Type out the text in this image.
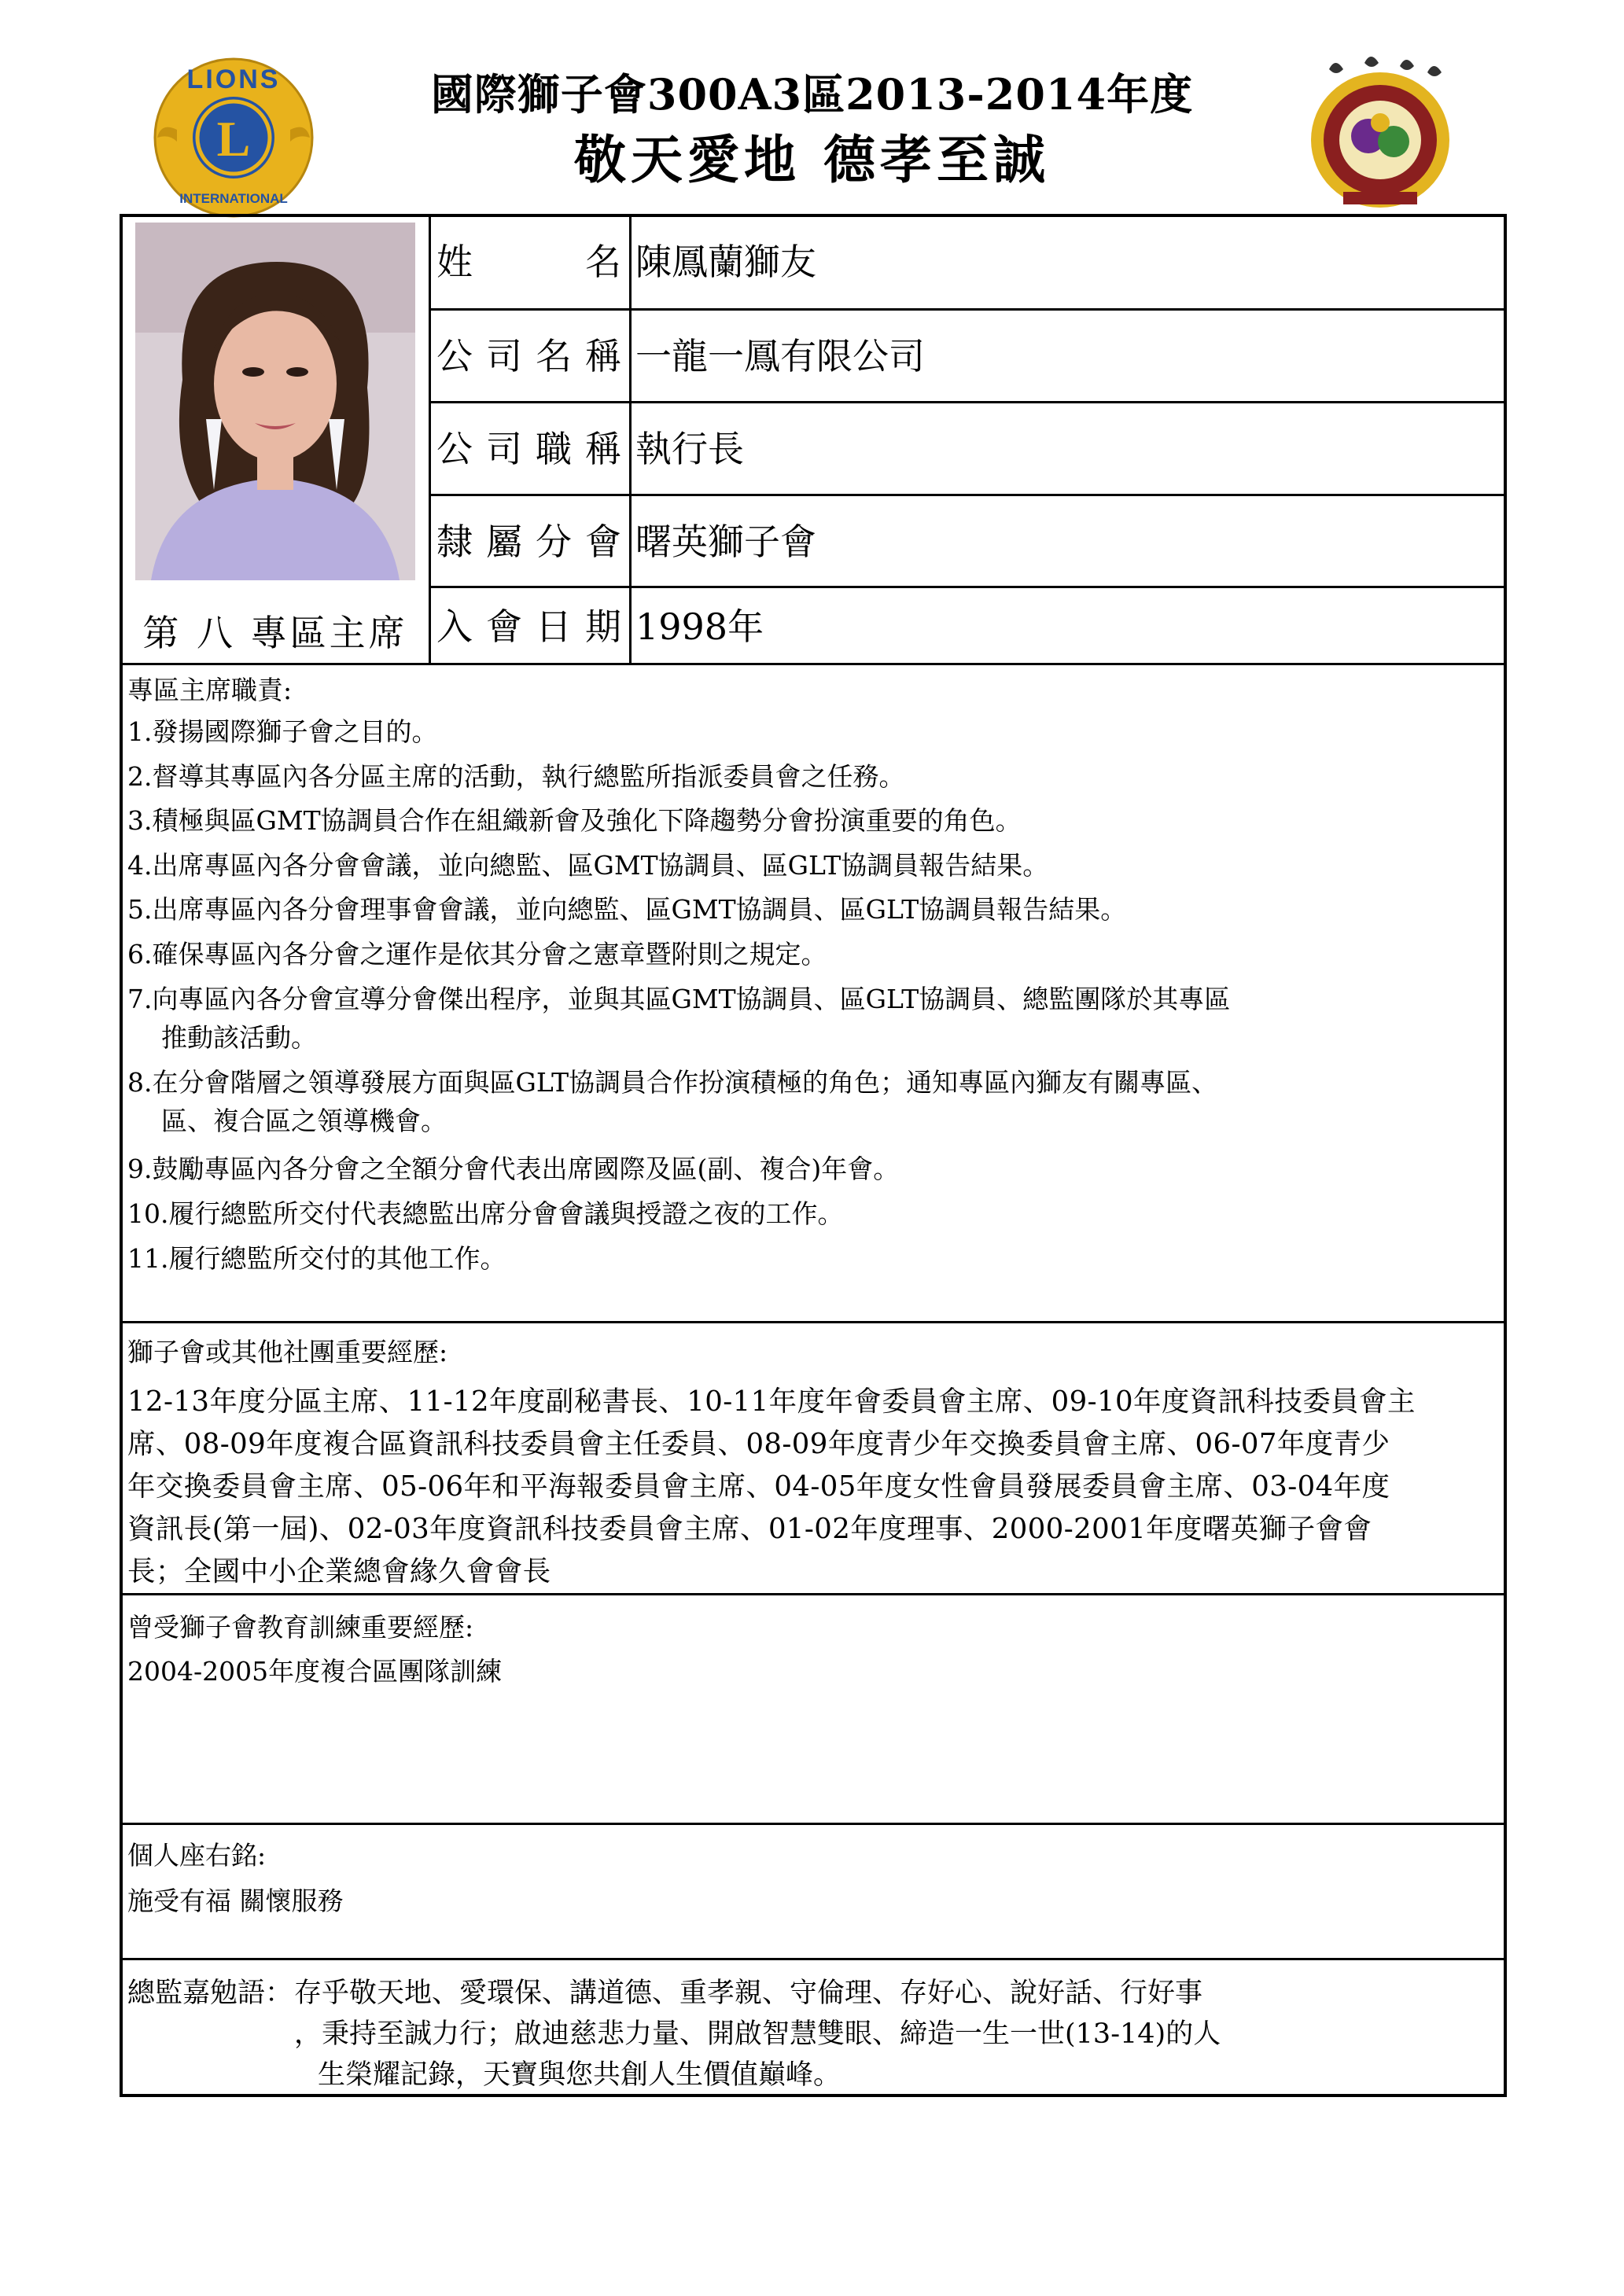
L
LIONS
INTERNATIONAL
國際獅子會300A3區2013-2014年度
敬天愛地 德孝至誠
第 八 專區主席
姓名 陳鳳蘭獅友
公司名稱 一龍一鳳有限公司
公司職稱 執行長
隸屬分會 曙英獅子會
入會日期 1998年
專區主席職責:
1.發揚國際獅子會之目的。
2.督導其專區內各分區主席的活動，執行總監所指派委員會之任務。
3.積極與區GMT協調員合作在組織新會及強化下降趨勢分會扮演重要的角色。
4.出席專區內各分會會議，並向總監、區GMT協調員、區GLT協調員報告結果。
5.出席專區內各分會理事會會議，並向總監、區GMT協調員、區GLT協調員報告結果。
6.確保專區內各分會之運作是依其分會之憲章暨附則之規定。
7.向專區內各分會宣導分會傑出程序，並與其區GMT協調員、區GLT協調員、總監團隊於其專區
推動該活動。
8.在分會階層之領導發展方面與區GLT協調員合作扮演積極的角色；通知專區內獅友有關專區、
區、複合區之領導機會。
9.鼓勵專區內各分會之全額分會代表出席國際及區(副、複合)年會。
10.履行總監所交付代表總監出席分會會議與授證之夜的工作。
11.履行總監所交付的其他工作。
獅子會或其他社團重要經歷:
12-13年度分區主席、11-12年度副秘書長、10-11年度年會委員會主席、09-10年度資訊科技委員會主
席、08-09年度複合區資訊科技委員會主任委員、08-09年度青少年交換委員會主席、06-07年度青少
年交換委員會主席、05-06年和平海報委員會主席、04-05年度女性會員發展委員會主席、03-04年度
資訊長(第一屆)、02-03年度資訊科技委員會主席、01-02年度理事、2000-2001年度曙英獅子會會
長；全國中小企業總會緣久會會長
曾受獅子會教育訓練重要經歷:
2004-2005年度複合區團隊訓練
個人座右銘:
施受有福 關懷服務
總監嘉勉語： 存乎敬天地、愛環保、講道德、重孝親、守倫理、存好心、說好話、行好事
，秉持至誠力行；啟迪慈悲力量、開啟智慧雙眼、締造一生一世(13-14)的人
生榮耀記錄，天寶與您共創人生價值巔峰。
